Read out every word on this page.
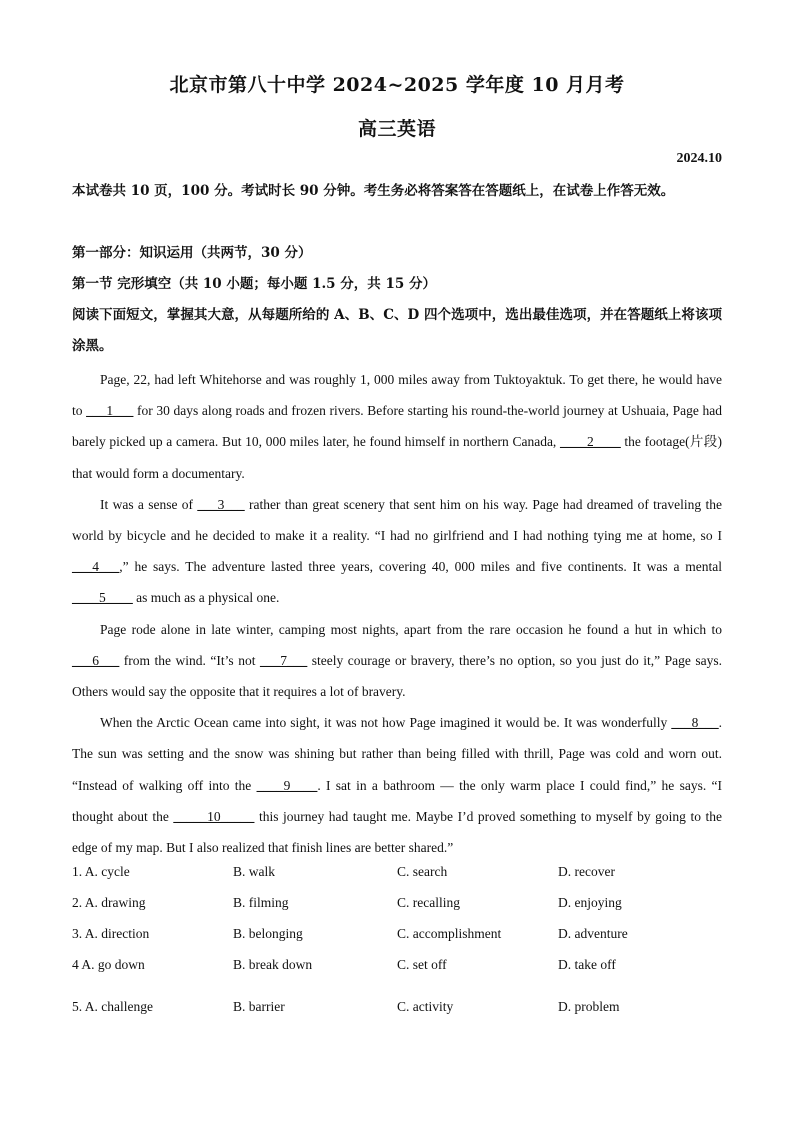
北京市第八十中学 2024~2025 学年度 10 月月考
高三英语
2024.10
本试卷共 10 页，100 分。考试时长 90 分钟。考生务必将答案答在答题纸上，在试卷上作答无效。
第一部分：知识运用（共两节，30 分）
第一节 完形填空（共 10 小题；每小题 1.5 分，共 15 分）
阅读下面短文，掌握其大意，从每题所给的 A、B、C、D 四个选项中，选出最佳选项，并在答题纸上将该项涂黑。

Page, 22, had left Whitehorse and was roughly 1, 000 miles away from Tuktoyaktuk. To get there, he would have to ___1___ for 30 days along roads and frozen rivers. Before starting his round-the-world journey at Ushuaia, Page had barely picked up a camera. But 10, 000 miles later, he found himself in northern Canada, ____2____ the footage(片段) that would form a documentary.

It was a sense of ___3___ rather than great scenery that sent him on his way. Page had dreamed of traveling the world by bicycle and he decided to make it a reality. “I had no girlfriend and I had nothing tying me at home, so I ___4___,” he says. The adventure lasted three years, covering 40, 000 miles and five continents. It was a mental ____5____ as much as a physical one.

Page rode alone in late winter, camping most nights, apart from the rare occasion he found a hut in which to ___6___ from the wind. “It’s not ___7___ steely courage or bravery, there’s no option, so you just do it,” Page says. Others would say the opposite that it requires a lot of bravery.

When the Arctic Ocean came into sight, it was not how Page imagined it would be. It was wonderfully ___8___. The sun was setting and the snow was shining but rather than being filled with thrill, Page was cold and worn out. “Instead of walking off into the ____9____. I sat in a bathroom — the only warm place I could find,” he says. “I thought about the _____10_____ this journey had taught me. Maybe I’d proved something to myself by going to the edge of my map. But I also realized that finish lines are better shared.”

1. A. cycle	B. walk	C. search	D. recover
2. A. drawing	B. filming	C. recalling	D. enjoying
3. A. direction	B. belonging	C. accomplishment	D. adventure
4 A. go down	B. break down	C. set off	D. take off
5. A. challenge	B. barrier	C. activity	D. problem
